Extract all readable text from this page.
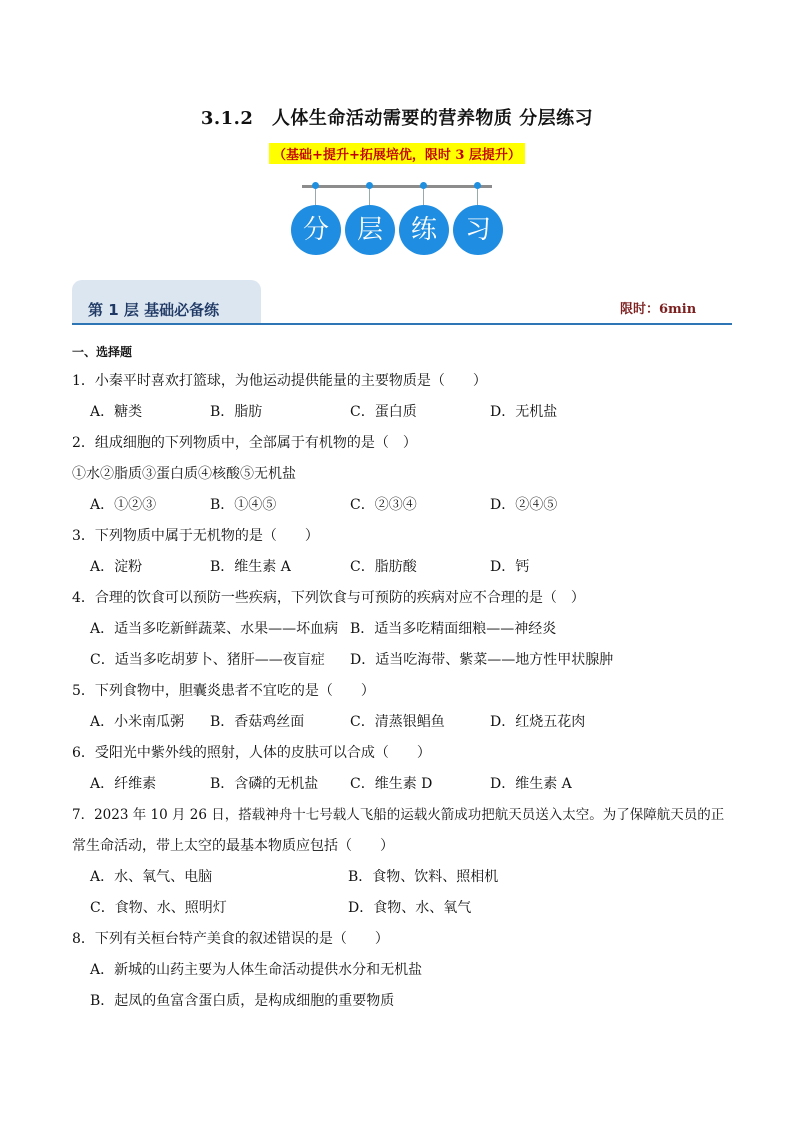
3.1.2　人体生命活动需要的营养物质 分层练习
（基础+提升+拓展培优，限时 3 层提升）
分	层	练	习
第 1 层 基础必备练	限时：6min
一、选择题
1．小秦平时喜欢打篮球，为他运动提供能量的主要物质是（　　）
A．糖类	B．脂肪	C．蛋白质	D．无机盐
2．组成细胞的下列物质中，全部属于有机物的是（　）
①水②脂质③蛋白质④核酸⑤无机盐
A．①②③	B．①④⑤	C．②③④	D．②④⑤
3．下列物质中属于无机物的是（　　）
A．淀粉	B．维生素 A	C．脂肪酸	D．钙
4．合理的饮食可以预防一些疾病，下列饮食与可预防的疾病对应不合理的是（　）
A．适当多吃新鲜蔬菜、水果——坏血病 B．适当多吃精面细粮——神经炎
C．适当多吃胡萝卜、猪肝——夜盲症 D．适当吃海带、紫菜——地方性甲状腺肿
5．下列食物中，胆囊炎患者不宜吃的是（　　）
A．小米南瓜粥 B．香菇鸡丝面	C．清蒸银鲳鱼	D．红烧五花肉
6．受阳光中紫外线的照射，人体的皮肤可以合成（　　）
A．纤维素	B．含磷的无机盐 C．维生素 D	D．维生素 A
7．2023 年 10 月 26 日，搭载神舟十七号载人飞船的运载火箭成功把航天员送入太空。为了保障航天员的正
常生命活动，带上太空的最基本物质应包括（　　）
A．水、氧气、电脑	B．食物、饮料、照相机
C．食物、水、照明灯	D．食物、水、氧气
8．下列有关桓台特产美食的叙述错误的是（　　）
A．新城的山药主要为人体生命活动提供水分和无机盐
B．起凤的鱼富含蛋白质，是构成细胞的重要物质
